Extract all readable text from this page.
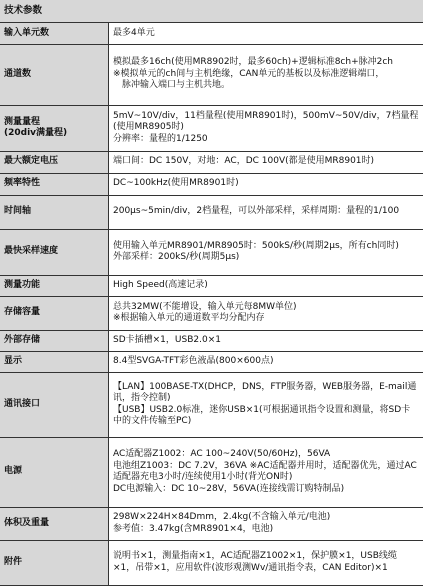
技术参数
输入单元数	最多4单元
通道数	模拟最多16ch(使用MR8902时，最多60ch)+逻辑标准8ch+脉冲2ch
※模拟单元的ch间与主机绝缘，CAN单元的基板以及标准逻辑端口，
　脉冲输入端口与主机共地。
测量量程
(20div满量程)	5mV~10V/div，11档量程(使用MR8901时)，500mV~50V/div，7档量程(使用MR8905时)
分辨率：量程的1/1250
最大额定电压	端口间：DC 150V，对地：AC，DC 100V(都是使用MR8901时)
频率特性	DC~100kHz(使用MR8901时)
时间轴	200μs~5min/div，2档量程，可以外部采样，采样周期：量程的1/100
最快采样速度	使用输入单元MR8901/MR8905时：500kS/秒(周期2μs，所有ch同时)
外部采样：200kS/秒(周期5μs)
测量功能	High Speed(高速记录)
存储容量	总共32MW(不能增设，输入单元每8MW单位)
※根据输入单元的通道数平均分配内存
外部存储	SD卡插槽×1，USB2.0×1
显示	8.4型SVGA-TFT彩色液晶(800×600点)
通讯接口	【LAN】100BASE-TX(DHCP，DNS，FTP服务器，WEB服务器，E-mail通讯，指令控制)
【USB】USB2.0标准，迷你USB×1(可根据通讯指令设置和测量，将SD卡中的文件传输至PC)
电源	AC适配器Z1002：AC 100~240V(50/60Hz)，56VA
电池组Z1003：DC 7.2V，36VA ※AC适配器并用时，适配器优先，通过AC适配器充电3小时/连续使用1小时(背光ON时)
DC电源输入：DC 10~28V，56VA(连接线需订购特制品)
体积及重量	298W×224H×84Dmm，2.4kg(不含输入单元/电池)
参考值：3.47kg(含MR8901×4，电池)
附件	说明书×1，测量指南×1，AC适配器Z1002×1，保护膜×1，USB线缆×1，吊带×1，应用软件(波形观测Wv/通讯指令表，CAN Editor)×1
